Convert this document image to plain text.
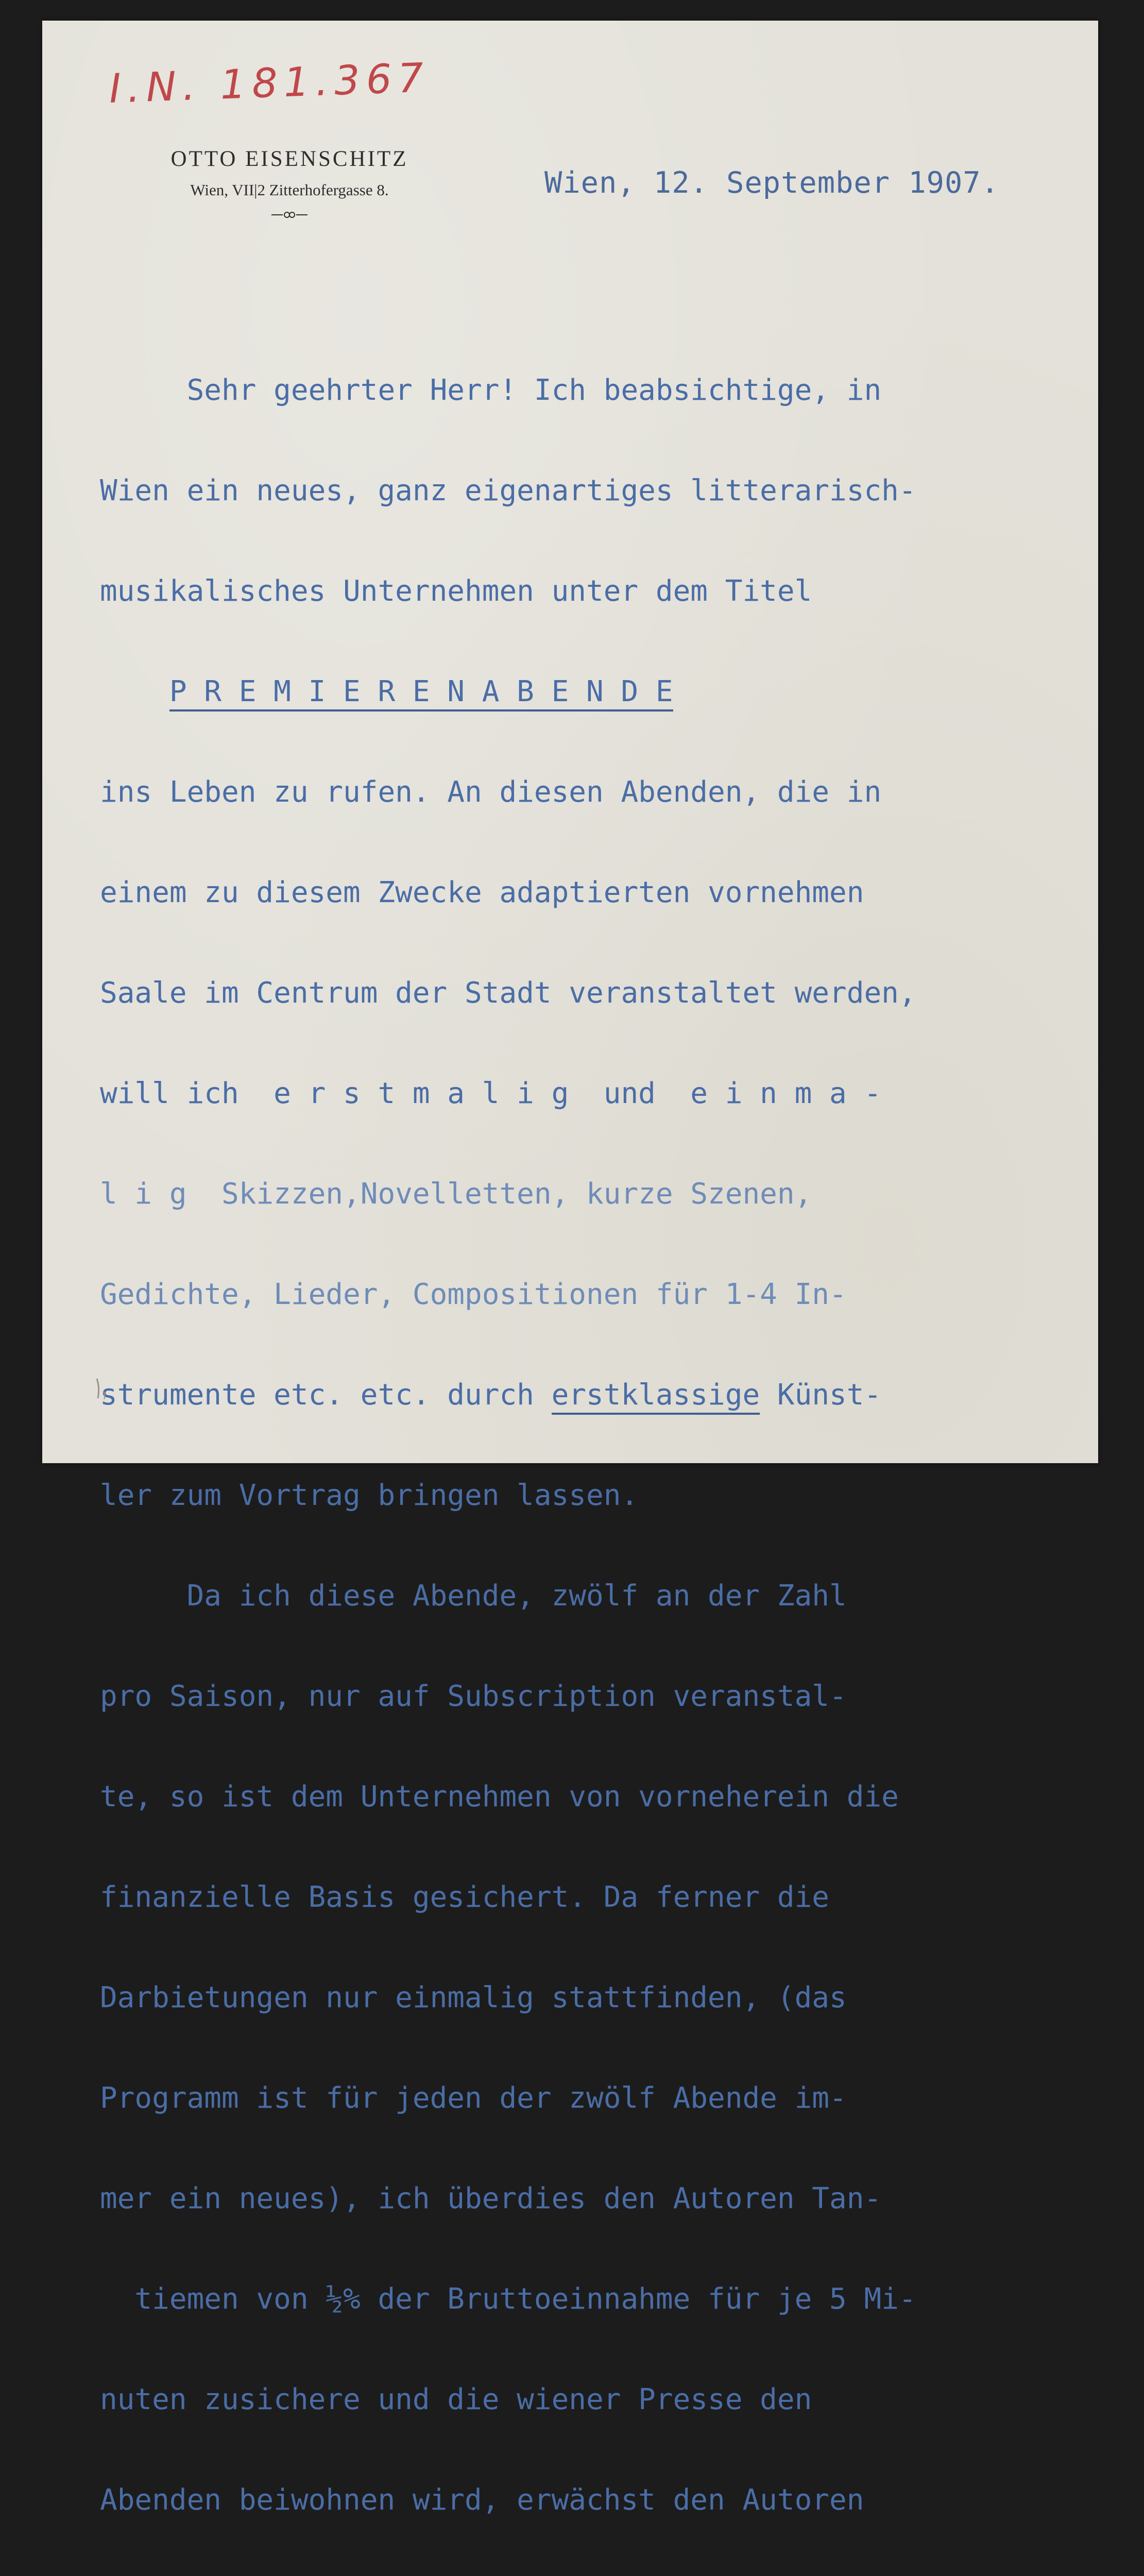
I.N. 181.367
OTTO EISENSCHITZ
Wien, VII|2 Zitterhofergasse 8.	Wien, 12. September 1907.

Sehr geehrter Herr! Ich beabsichtige, in

Wien ein neues, ganz eigenartiges litterarisch-

musikalisches Unternehmen unter dem Titel

P R E M I E R E N A B E N D E

ins Leben zu rufen. An diesen Abenden, die in

einem zu diesem Zwecke adaptierten vornehmen

Saale im Centrum der Stadt veranstaltet werden,

will ich  e r s t m a l i g  und  e i n m a -

l i g  Skizzen,Novelletten, kurze Szenen,

Gedichte, Lieder, Compositionen für 1-4 In-

strumente etc. etc. durch erstklassige Künst-

ler zum Vortrag bringen lassen.

Da ich diese Abende, zwölf an der Zahl

pro Saison, nur auf Subscription veranstal-

te, so ist dem Unternehmen von vorneherein die

finanzielle Basis gesichert. Da ferner die

Darbietungen nur einmalig stattfinden, (das

Programm ist für jeden der zwölf Abende im-

mer ein neues), ich überdies den Autoren Tan-

tiemen von ½% der Bruttoeinnahme für je 5 Mi-

nuten zusichere und die wiener Presse den

Abenden beiwohnen wird, erwächst den Autoren
